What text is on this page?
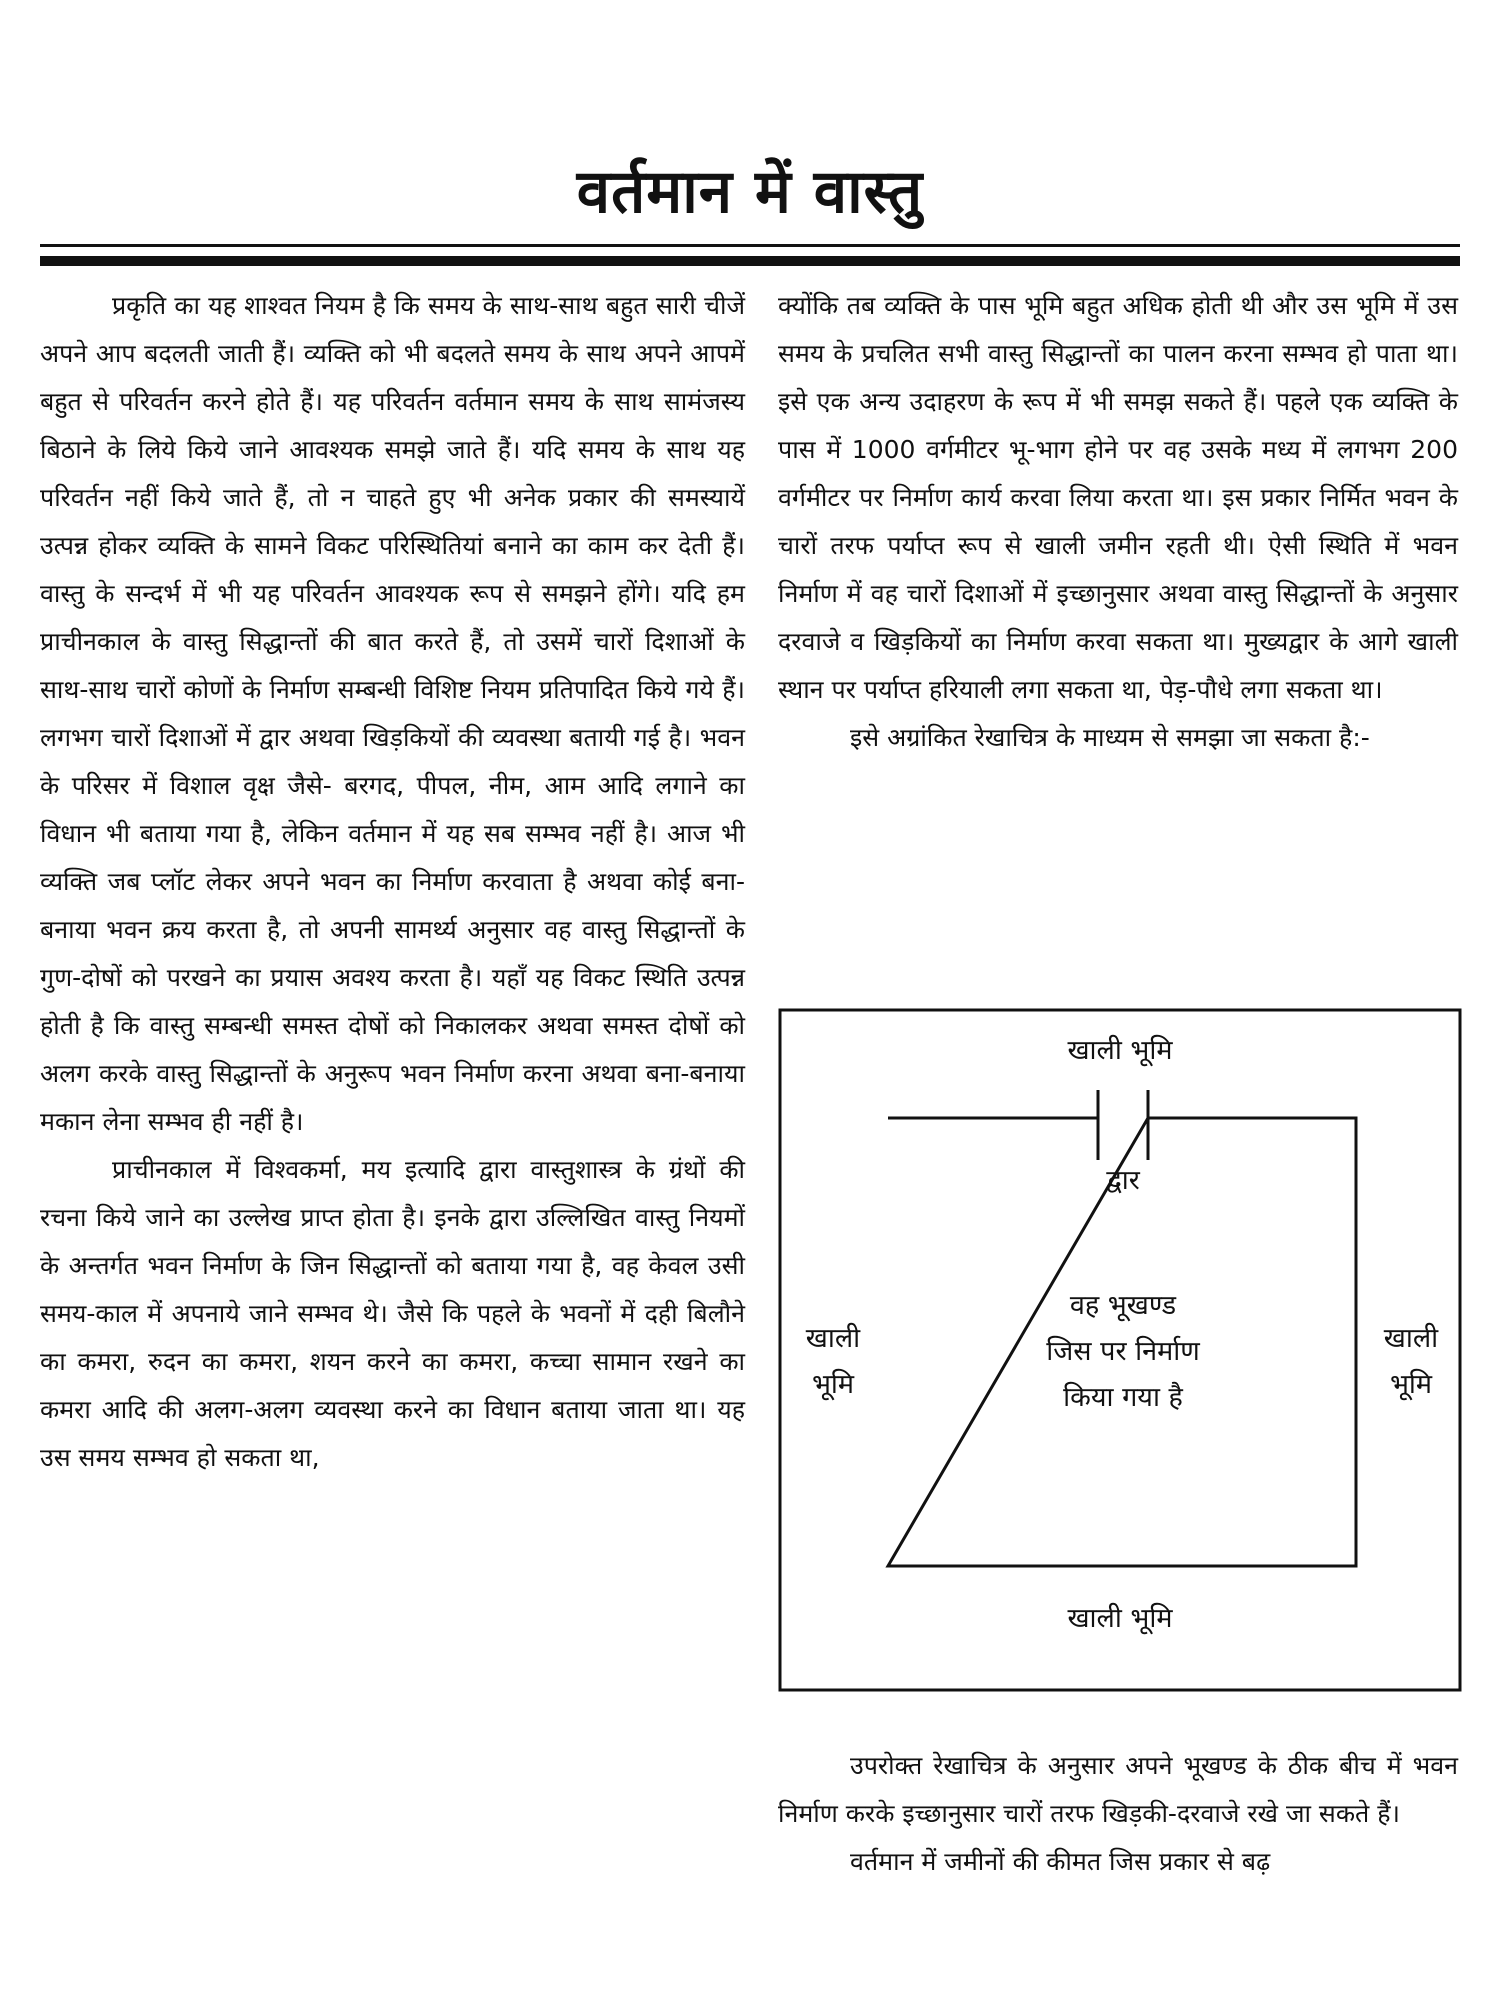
वर्तमान में वास्तु

प्रकृति का यह शाश्वत नियम है कि समय के साथ-साथ बहुत सारी चीजें अपने आप बदलती जाती हैं। व्यक्ति को भी बदलते समय के साथ अपने आपमें बहुत से परिवर्तन करने होते हैं। यह परिवर्तन वर्तमान समय के साथ सामंजस्य बिठाने के लिये किये जाने आवश्यक समझे जाते हैं। यदि समय के साथ यह परिवर्तन नहीं किये जाते हैं, तो न चाहते हुए भी अनेक प्रकार की समस्यायें उत्पन्न होकर व्यक्ति के सामने विकट परिस्थितियां बनाने का काम कर देती हैं। वास्तु के सन्दर्भ में भी यह परिवर्तन आवश्यक रूप से समझने होंगे। यदि हम प्राचीनकाल के वास्तु सिद्धान्तों की बात करते हैं, तो उसमें चारों दिशाओं के साथ-साथ चारों कोणों के निर्माण सम्बन्धी विशिष्ट नियम प्रतिपादित किये गये हैं। लगभग चारों दिशाओं में द्वार अथवा खिड़कियों की व्यवस्था बतायी गई है। भवन के परिसर में विशाल वृक्ष जैसे- बरगद, पीपल, नीम, आम आदि लगाने का विधान भी बताया गया है, लेकिन वर्तमान में यह सब सम्भव नहीं है। आज भी व्यक्ति जब प्लॉट लेकर अपने भवन का निर्माण करवाता है अथवा कोई बना-बनाया भवन क्रय करता है, तो अपनी सामर्थ्य अनुसार वह वास्तु सिद्धान्तों के गुण-दोषों को परखने का प्रयास अवश्य करता है। यहाँ यह विकट स्थिति उत्पन्न होती है कि वास्तु सम्बन्धी समस्त दोषों को निकालकर अथवा समस्त दोषों को अलग करके वास्तु सिद्धान्तों के अनुरूप भवन निर्माण करना अथवा बना-बनाया मकान लेना सम्भव ही नहीं है।

प्राचीनकाल में विश्वकर्मा, मय इत्यादि द्वारा वास्तुशास्त्र के ग्रंथों की रचना किये जाने का उल्लेख प्राप्त होता है। इनके द्वारा उल्लिखित वास्तु नियमों के अन्तर्गत भवन निर्माण के जिन सिद्धान्तों को बताया गया है, वह केवल उसी समय-काल में अपनाये जाने सम्भव थे। जैसे कि पहले के भवनों में दही बिलौने का कमरा, रुदन का कमरा, शयन करने का कमरा, कच्चा सामान रखने का कमरा आदि की अलग-अलग व्यवस्था करने का विधान बताया जाता था। यह उस समय सम्भव हो सकता था,

क्योंकि तब व्यक्ति के पास भूमि बहुत अधिक होती थी और उस भूमि में उस समय के प्रचलित सभी वास्तु सिद्धान्तों का पालन करना सम्भव हो पाता था। इसे एक अन्य उदाहरण के रूप में भी समझ सकते हैं। पहले एक व्यक्ति के पास में 1000 वर्गमीटर भू-भाग होने पर वह उसके मध्य में लगभग 200 वर्गमीटर पर निर्माण कार्य करवा लिया करता था। इस प्रकार निर्मित भवन के चारों तरफ पर्याप्त रूप से खाली जमीन रहती थी। ऐसी स्थिति में भवन निर्माण में वह चारों दिशाओं में इच्छानुसार अथवा वास्तु सिद्धान्तों के अनुसार दरवाजे व खिड़कियों का निर्माण करवा सकता था। मुख्यद्वार के आगे खाली स्थान पर पर्याप्त हरियाली लगा सकता था, पेड़-पौधे लगा सकता था।

इसे अग्रांकित रेखाचित्र के माध्यम से समझा जा सकता है:-

खाली भूमि
द्वार
खाली
भूमि
खाली
भूमि
वह भूखण्ड
जिस पर निर्माण
किया गया है
खाली भूमि

उपरोक्त रेखाचित्र के अनुसार अपने भूखण्ड के ठीक बीच में भवन निर्माण करके इच्छानुसार चारों तरफ खिड़की-दरवाजे रखे जा सकते हैं।

वर्तमान में जमीनों की कीमत जिस प्रकार से बढ़
